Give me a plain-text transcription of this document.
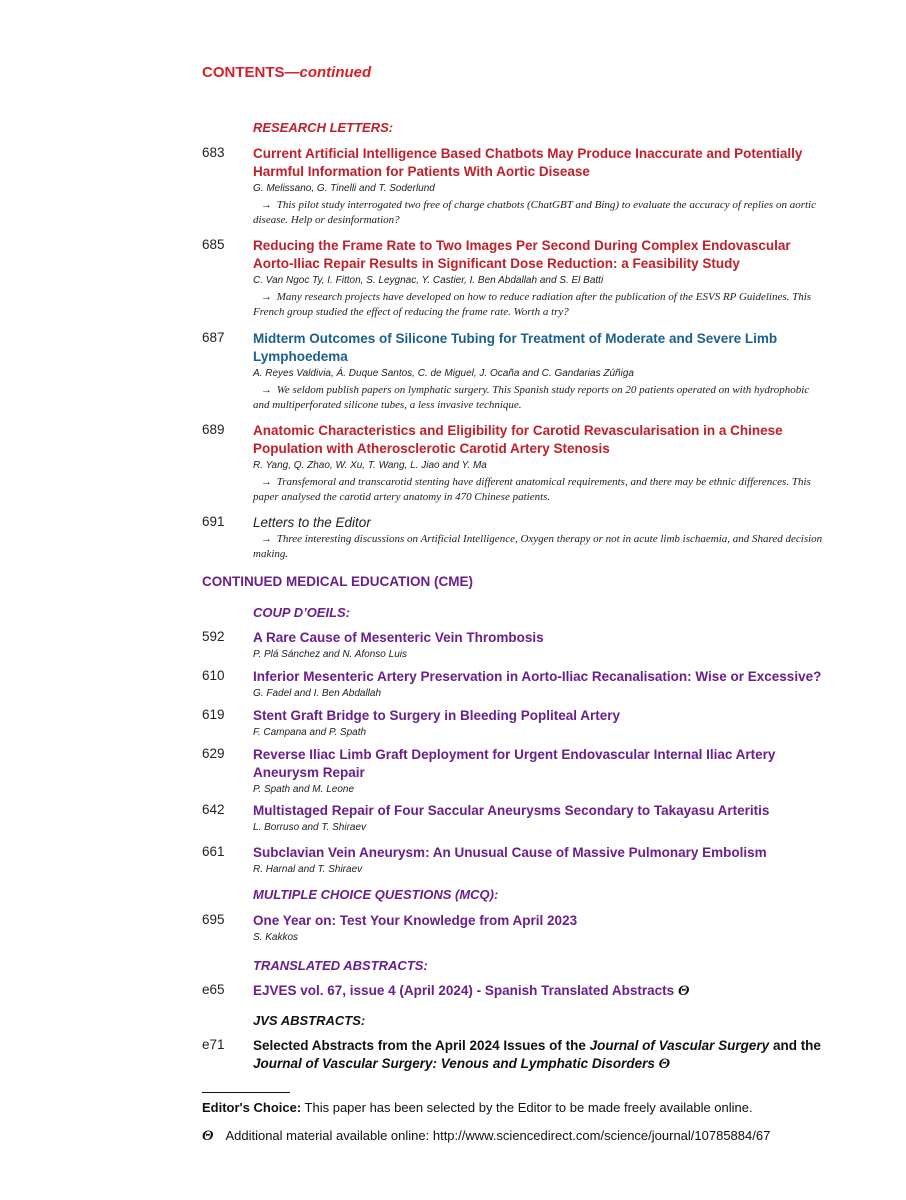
CONTENTS—continued
RESEARCH LETTERS:
683 Current Artificial Intelligence Based Chatbots May Produce Inaccurate and Potentially Harmful Information for Patients With Aortic Disease
G. Melissano, G. Tinelli and T. Soderlund
→ This pilot study interrogated two free of charge chatbots (ChatGBT and Bing) to evaluate the accuracy of replies on aortic disease. Help or desinformation?
685 Reducing the Frame Rate to Two Images Per Second During Complex Endovascular Aorto-Iliac Repair Results in Significant Dose Reduction: a Feasibility Study
C. Van Ngoc Ty, I. Fitton, S. Leygnac, Y. Castier, I. Ben Abdallah and S. El Batti
→ Many research projects have developed on how to reduce radiation after the publication of the ESVS RP Guidelines. This French group studied the effect of reducing the frame rate. Worth a try?
687 Midterm Outcomes of Silicone Tubing for Treatment of Moderate and Severe Limb Lymphoedema
A. Reyes Valdivia, Á. Duque Santos, C. de Miguel, J. Ocaña and C. Gandarias Zúñiga
→ We seldom publish papers on lymphatic surgery. This Spanish study reports on 20 patients operated on with hydrophobic and multiperforated silicone tubes, a less invasive technique.
689 Anatomic Characteristics and Eligibility for Carotid Revascularisation in a Chinese Population with Atherosclerotic Carotid Artery Stenosis
R. Yang, Q. Zhao, W. Xu, T. Wang, L. Jiao and Y. Ma
→ Transfemoral and transcarotid stenting have different anatomical requirements, and there may be ethnic differences. This paper analysed the carotid artery anatomy in 470 Chinese patients.
691 Letters to the Editor
→ Three interesting discussions on Artificial Intelligence, Oxygen therapy or not in acute limb ischaemia, and Shared decision making.
CONTINUED MEDICAL EDUCATION (CME)
COUP D’OEILS:
592 A Rare Cause of Mesenteric Vein Thrombosis
P. Plá Sánchez and N. Afonso Luis
610 Inferior Mesenteric Artery Preservation in Aorto-Iliac Recanalisation: Wise or Excessive?
G. Fadel and I. Ben Abdallah
619 Stent Graft Bridge to Surgery in Bleeding Popliteal Artery
F. Campana and P. Spath
629 Reverse Iliac Limb Graft Deployment for Urgent Endovascular Internal Iliac Artery Aneurysm Repair
P. Spath and M. Leone
642 Multistaged Repair of Four Saccular Aneurysms Secondary to Takayasu Arteritis
L. Borruso and T. Shiraev
661 Subclavian Vein Aneurysm: An Unusual Cause of Massive Pulmonary Embolism
R. Harnal and T. Shiraev
MULTIPLE CHOICE QUESTIONS (MCQ):
695 One Year on: Test Your Knowledge from April 2023
S. Kakkos
TRANSLATED ABSTRACTS:
e65 EJVES vol. 67, issue 4 (April 2024) - Spanish Translated Abstracts Θ
JVS ABSTRACTS:
e71 Selected Abstracts from the April 2024 Issues of the Journal of Vascular Surgery and the Journal of Vascular Surgery: Venous and Lymphatic Disorders Θ
Editor's Choice: This paper has been selected by the Editor to be made freely available online.
Θ Additional material available online: http://www.sciencedirect.com/science/journal/10785884/67
